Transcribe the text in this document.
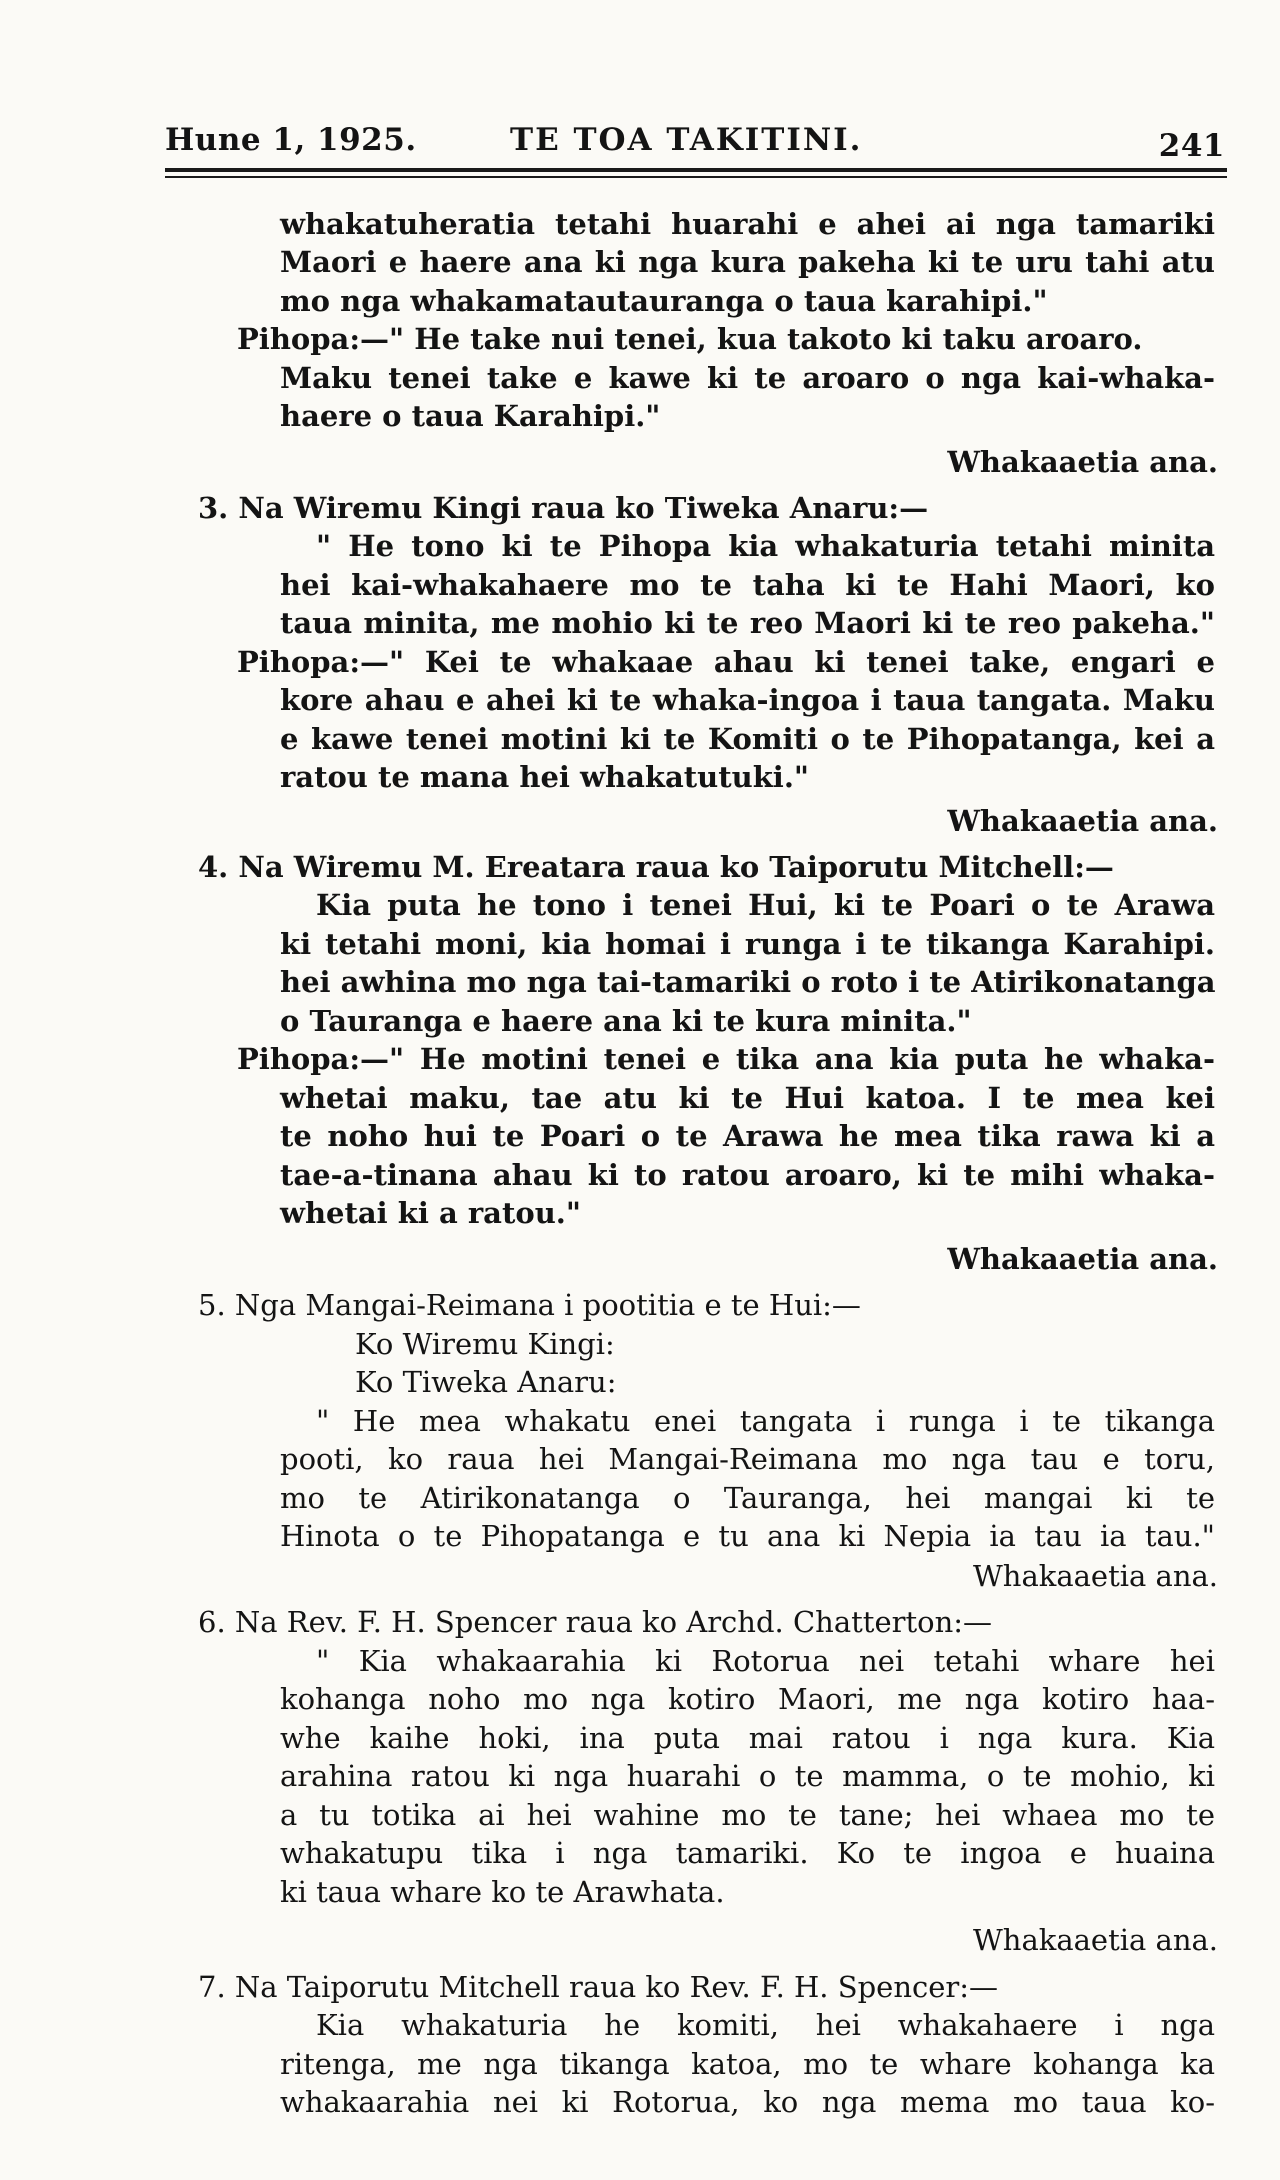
Hune 1, 1925.	TE TOA TAKITINI.	241
whakatuheratia tetahi huarahi e ahei ai nga tamariki
Maori e haere ana ki nga kura pakeha ki te uru tahi atu
mo nga whakamatautauranga o taua karahipi."
Pihopa:—" He take nui tenei, kua takoto ki taku aroaro.
Maku tenei take e kawe ki te aroaro o nga kai-whaka-
haere o taua Karahipi."
Whakaaetia ana.
3. Na Wiremu Kingi raua ko Tiweka Anaru:—
" He tono ki te Pihopa kia whakaturia tetahi minita
hei kai-whakahaere mo te taha ki te Hahi Maori, ko
taua minita, me mohio ki te reo Maori ki te reo pakeha."
Pihopa:—" Kei te whakaae ahau ki tenei take, engari e
kore ahau e ahei ki te whaka-ingoa i taua tangata. Maku
e kawe tenei motini ki te Komiti o te Pihopatanga, kei a
ratou te mana hei whakatutuki."
Whakaaetia ana.
4. Na Wiremu M. Ereatara raua ko Taiporutu Mitchell:—
Kia puta he tono i tenei Hui, ki te Poari o te Arawa
ki tetahi moni, kia homai i runga i te tikanga Karahipi.
hei awhina mo nga tai-tamariki o roto i te Atirikonatanga
o Tauranga e haere ana ki te kura minita."
Pihopa:—" He motini tenei e tika ana kia puta he whaka-
whetai maku, tae atu ki te Hui katoa. I te mea kei
te noho hui te Poari o te Arawa he mea tika rawa ki a
tae-a-tinana ahau ki to ratou aroaro, ki te mihi whaka-
whetai ki a ratou."
Whakaaetia ana.
5. Nga Mangai-Reimana i pootitia e te Hui:—
Ko Wiremu Kingi:
Ko Tiweka Anaru:
" He mea whakatu enei tangata i runga i te tikanga
pooti, ko raua hei Mangai-Reimana mo nga tau e toru,
mo te Atirikonatanga o Tauranga, hei mangai ki te
Hinota o te Pihopatanga e tu ana ki Nepia ia tau ia tau."
Whakaaetia ana.
6. Na Rev. F. H. Spencer raua ko Archd. Chatterton:—
" Kia whakaarahia ki Rotorua nei tetahi whare hei
kohanga noho mo nga kotiro Maori, me nga kotiro haa-
whe kaihe hoki, ina puta mai ratou i nga kura. Kia
arahina ratou ki nga huarahi o te mamma, o te mohio, ki
a tu totika ai hei wahine mo te tane; hei whaea mo te
whakatupu tika i nga tamariki. Ko te ingoa e huaina
ki taua whare ko te Arawhata.
Whakaaetia ana.
7. Na Taiporutu Mitchell raua ko Rev. F. H. Spencer:—
Kia whakaturia he komiti, hei whakahaere i nga
ritenga, me nga tikanga katoa, mo te whare kohanga ka
whakaarahia nei ki Rotorua, ko nga mema mo taua ko-
